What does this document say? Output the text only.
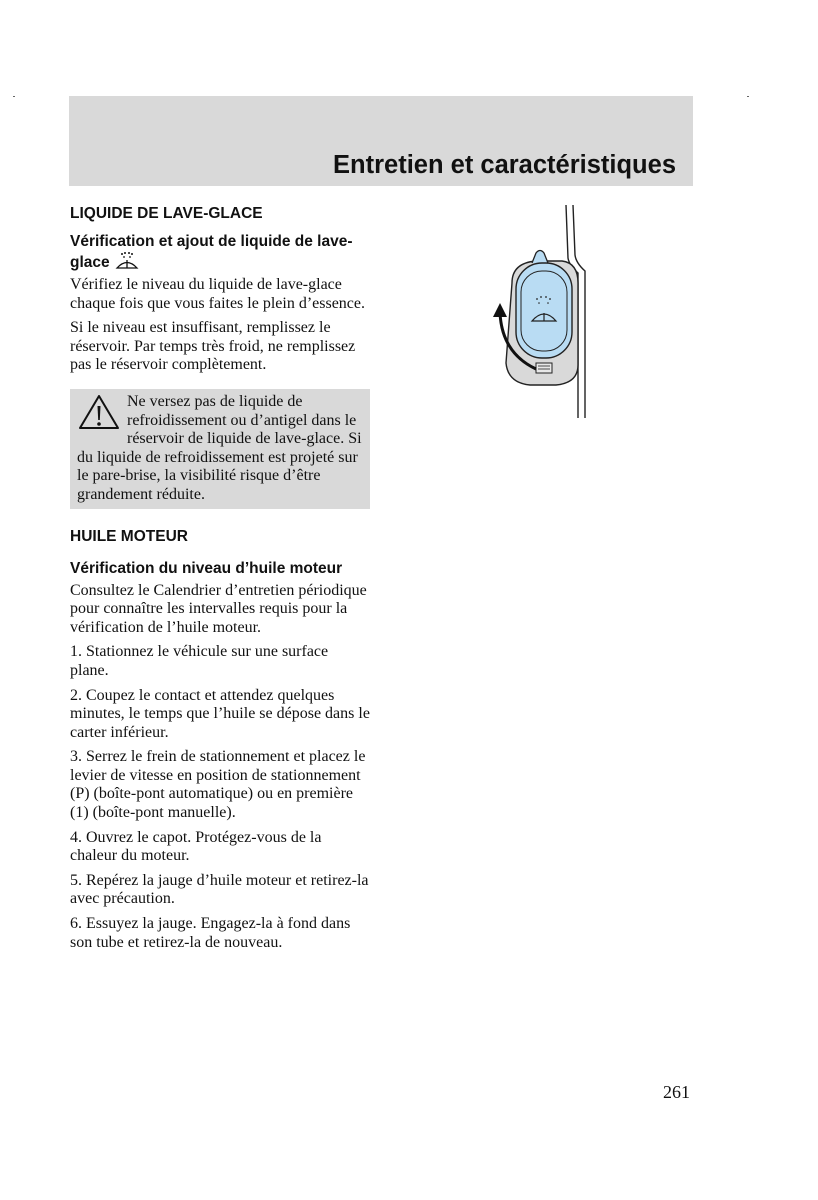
Entretien et caractéristiques
LIQUIDE DE LAVE-GLACE
Vérification et ajout de liquide de lave-glace

Vérifiez le niveau du liquide de lave-glace chaque fois que vous faites le plein d’essence.

Si le niveau est insuffisant, remplissez le réservoir. Par temps très froid, ne remplissez pas le réservoir complètement.

Ne versez pas de liquide de refroidissement ou d’antigel dans le réservoir de liquide de lave-glace. Si du liquide de refroidissement est projeté sur le pare-brise, la visibilité risque d’être grandement réduite.
HUILE MOTEUR
Vérification du niveau d’huile moteur

Consultez le Calendrier d’entretien périodique pour connaître les intervalles requis pour la vérification de l’huile moteur.

1. Stationnez le véhicule sur une surface plane.

2. Coupez le contact et attendez quelques minutes, le temps que l’huile se dépose dans le carter inférieur.

3. Serrez le frein de stationnement et placez le levier de vitesse en position de stationnement (P) (boîte-pont automatique) ou en première (1) (boîte-pont manuelle).

4. Ouvrez le capot. Protégez-vous de la chaleur du moteur.

5. Repérez la jauge d’huile moteur et retirez-la avec précaution.

6. Essuyez la jauge. Engagez-la à fond dans son tube et retirez-la de nouveau.

261
